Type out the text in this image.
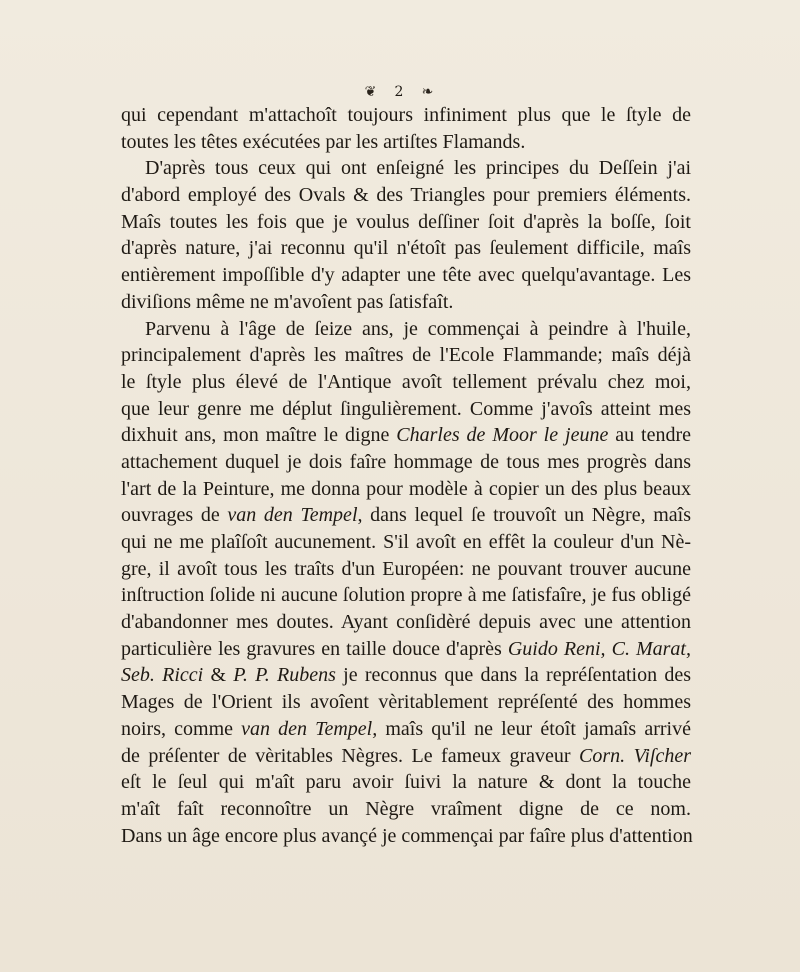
❦ 2 ❧
qui cependant m'attachoît toujours infiniment plus que le ſtyle de
toutes les têtes exécutées par les artiſtes Flamands.
D'après tous ceux qui ont enſeigné les principes du Deſſein j'ai
d'abord employé des Ovals & des Triangles pour premiers éléments.
Maîs toutes les fois que je voulus deſſiner ſoit d'après la boſſe, ſoit
d'après nature, j'ai reconnu qu'il n'étoît pas ſeulement difficile, maîs
entièrement impoſſible d'y adapter une tête avec quelqu'avantage. Les
diviſions même ne m'avoîent pas ſatisfaît.
Parvenu à l'âge de ſeize ans, je commençai à peindre à l'huile,
principalement d'après les maîtres de l'Ecole Flammande; maîs déjà
le ſtyle plus élevé de l'Antique avoît tellement prévalu chez moi,
que leur genre me déplut ſingulièrement. Comme j'avoîs atteint mes
dixhuit ans, mon maître le digne Charles de Moor le jeune au tendre
attachement duquel je dois faîre hommage de tous mes progrès dans
l'art de la Peinture, me donna pour modèle à copier un des plus beaux
ouvrages de van den Tempel, dans lequel ſe trouvoît un Nègre, maîs
qui ne me plaîſoît aucunement. S'il avoît en effêt la couleur d'un Nè-
gre, il avoît tous les traîts d'un Européen: ne pouvant trouver aucune
inſtruction ſolide ni aucune ſolution propre à me ſatisfaîre, je fus obligé
d'abandonner mes doutes. Ayant conſidèré depuis avec une attention
particulière les gravures en taille douce d'après Guido Reni, C. Marat,
Seb. Ricci & P. P. Rubens je reconnus que dans la repréſentation des
Mages de l'Orient ils avoîent vèritablement repréſenté des hommes
noirs, comme van den Tempel, maîs qu'il ne leur étoît jamaîs arrivé
de préſenter de vèritables Nègres. Le fameux graveur Corn. Viſcher
eſt le ſeul qui m'aît paru avoir ſuivi la nature & dont la touche
m'aît faît reconnoître un Nègre vraîment digne de ce nom.
Dans un âge encore plus avançé je commençai par faîre plus d'attention
